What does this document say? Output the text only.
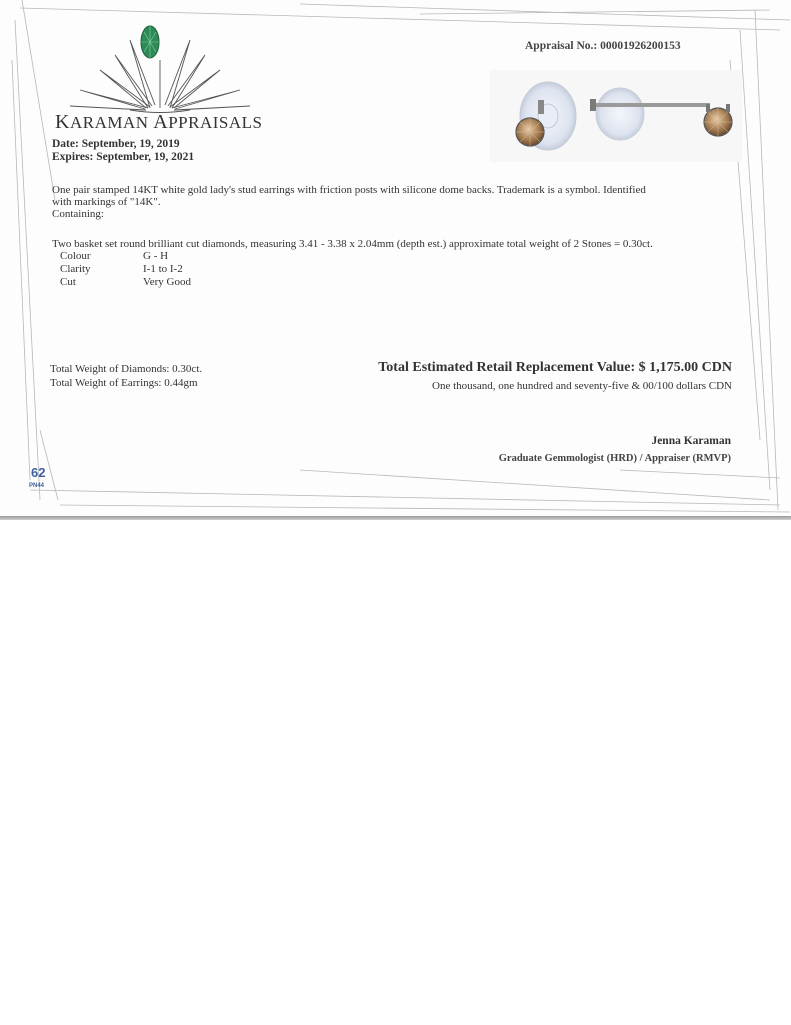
KARAMAN APPRAISALS
Date: September, 19, 2019
Expires: September, 19, 2021
Appraisal No.: 00001926200153
One pair stamped 14KT white gold lady's stud earrings with friction posts with silicone dome backs. Trademark is a symbol. Identified
with markings of "14K".
Containing:
Two basket set round brilliant cut diamonds, measuring 3.41 - 3.38 x 2.04mm (depth est.) approximate total weight of 2 Stones = 0.30ct.
Colour	G - H
Clarity	I-1 to I-2
Cut	Very Good
Total Weight of Diamonds: 0.30ct.
Total Weight of Earrings: 0.44gm
Total Estimated Retail Replacement Value: $ 1,175.00 CDN
One thousand, one hundred and seventy-five & 00/100 dollars CDN
Jenna Karaman
Graduate Gemmologist (HRD) / Appraiser (RMVP)
62
PN44
